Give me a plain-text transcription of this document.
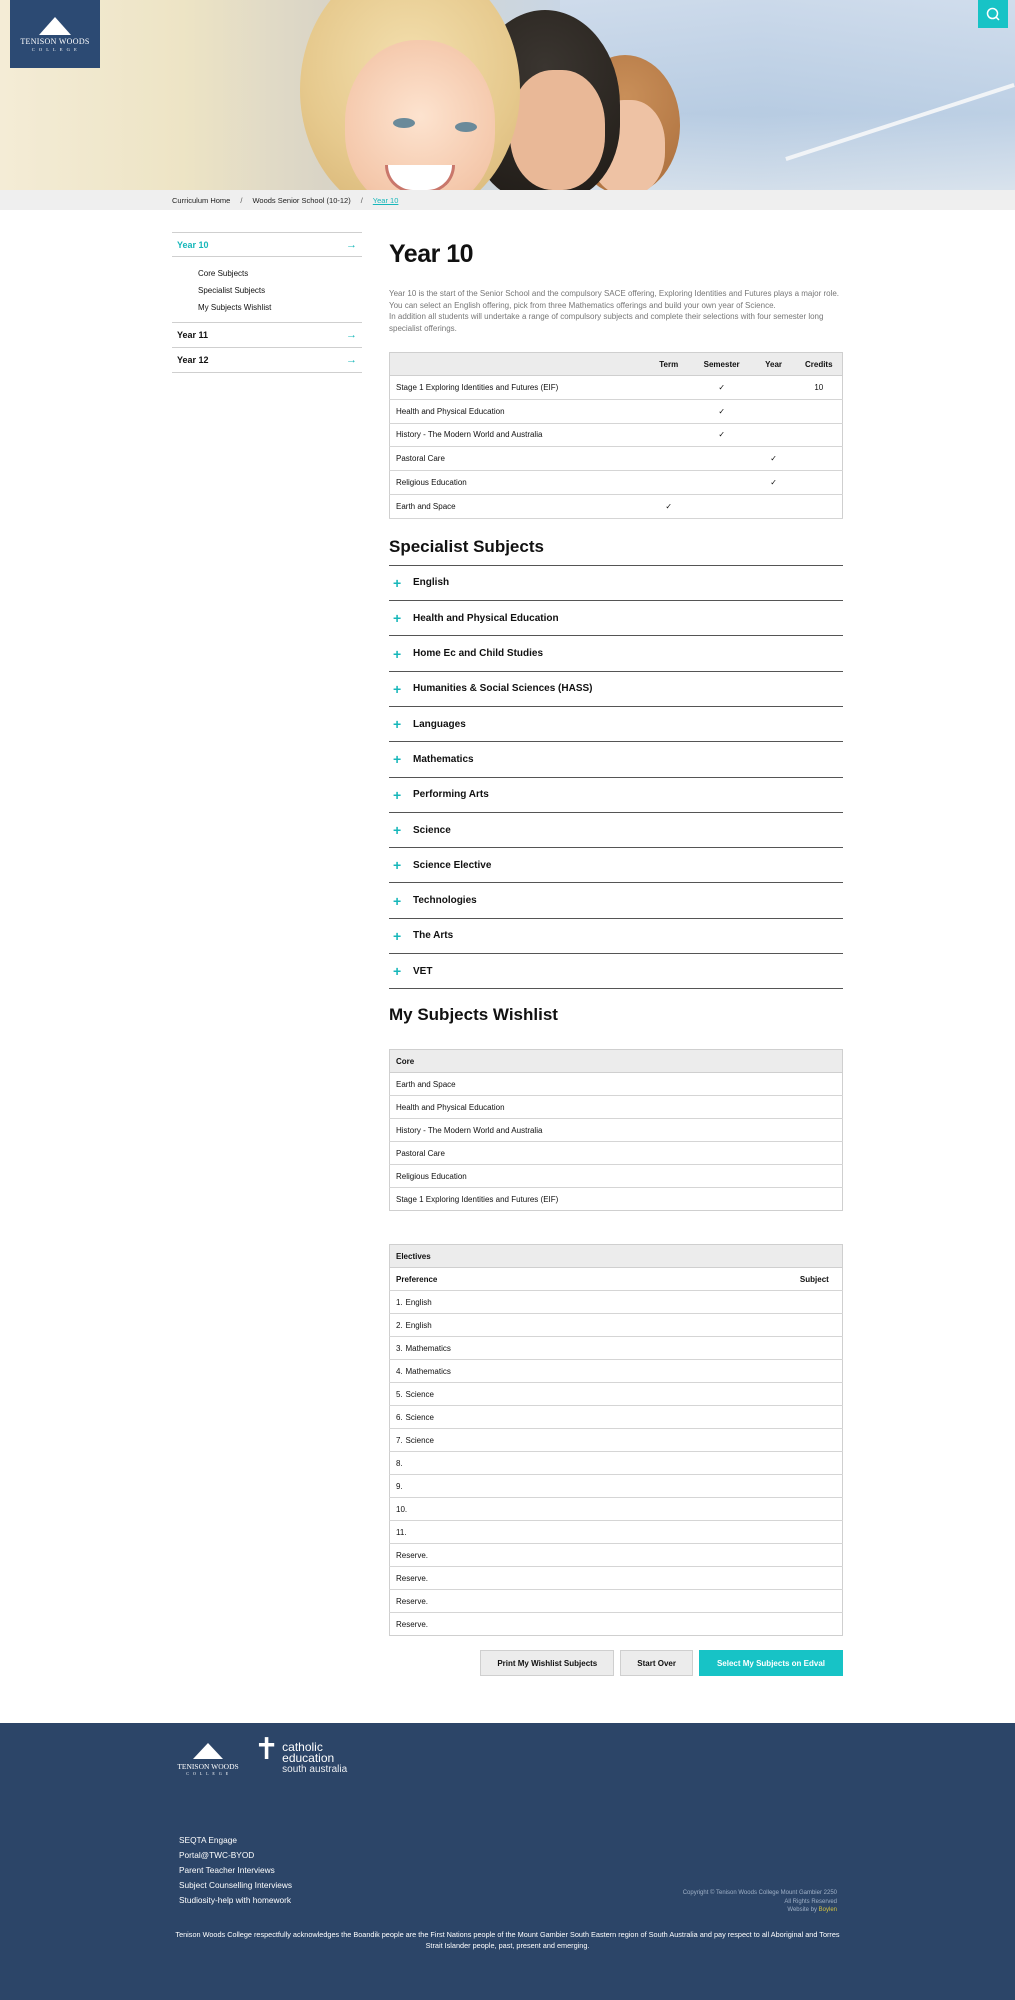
TENISON WOODS
C O L L E G E
Curriculum Home / Woods Senior School (10-12) / Year 10
Year 10	→
Core Subjects
Specialist Subjects
My Subjects Wishlist
Year 11	→
Year 12	→
Year 10

Year 10 is the start of the Senior School and the compulsory SACE offering, Exploring Identities and Futures plays a major role. You can select an English offering, pick from three Mathematics offerings and build your own year of Science.

In addition all students will undertake a range of compulsory subjects and complete their selections with four semester long specialist offerings.

	Term	Semester	Year	Credits
Stage 1 Exploring Identities and Futures (EIF)		✓		10
Health and Physical Education		✓		
History - The Modern World and Australia		✓		
Pastoral Care			✓	
Religious Education			✓	
Earth and Space	✓			
Specialist Subjects
+	English
+	Health and Physical Education
+	Home Ec and Child Studies
+	Humanities & Social Sciences (HASS)
+	Languages
+	Mathematics
+	Performing Arts
+	Science
+	Science Elective
+	Technologies
+	The Arts
+	VET
My Subjects Wishlist
Core
Earth and Space
Health and Physical Education
History - The Modern World and Australia
Pastoral Care
Religious Education
Stage 1 Exploring Identities and Futures (EIF)
Electives		
Preference		Subject
1.	English	
2.	English	
3.	Mathematics	
4.	Mathematics	
5.	Science	
6.	Science	
7.	Science	
8.		
9.		
10.		
11.		
Reserve.		
Reserve.		
Reserve.		
Reserve.		
Print My Wishlist Subjects	Start Over	Select My Subjects on Edval
TENISON WOODS
C O L L E G E
✝ catholic
education
south australia
SEQTA Engage
Portal@TWC-BYOD
Parent Teacher Interviews
Subject Counselling Interviews
Studiosity-help with homework
Copyright © Tenison Woods College Mount Gambier 2250
All Rights Reserved
Website by Boylen
Tenison Woods College respectfully acknowledges the Boandik people are the First Nations people of the Mount Gambier South Eastern region of South Australia and pay respect to all Aboriginal and Torres Strait Islander people, past, present and emerging.
